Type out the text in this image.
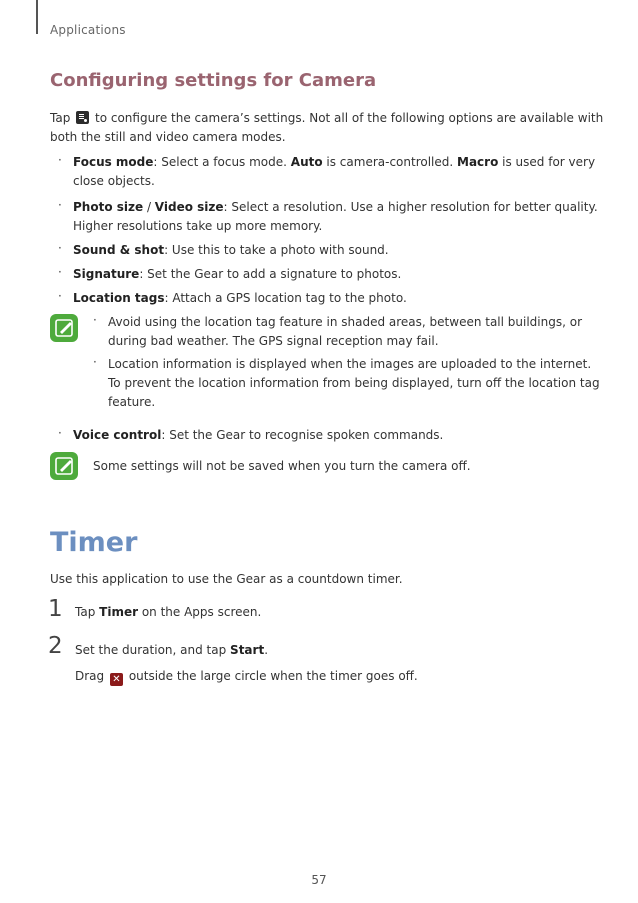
Applications
Configuring settings for Camera
Tap to configure the camera’s settings. Not all of the following options are available with
both the still and video camera modes.
· Focus mode: Select a focus mode. Auto is camera-controlled. Macro is used for very
close objects.
· Photo size / Video size: Select a resolution. Use a higher resolution for better quality.
Higher resolutions take up more memory.
· Sound & shot: Use this to take a photo with sound.
· Signature: Set the Gear to add a signature to photos.
· Location tags: Attach a GPS location tag to the photo.
· Avoid using the location tag feature in shaded areas, between tall buildings, or
during bad weather. The GPS signal reception may fail.
· Location information is displayed when the images are uploaded to the internet.
To prevent the location information from being displayed, turn off the location tag
feature.
· Voice control: Set the Gear to recognise spoken commands.
Some settings will not be saved when you turn the camera off.
Timer
Use this application to use the Gear as a countdown timer.
1 Tap Timer on the Apps screen.
2 Set the duration, and tap Start.
Drag ✕ outside the large circle when the timer goes off.
57
